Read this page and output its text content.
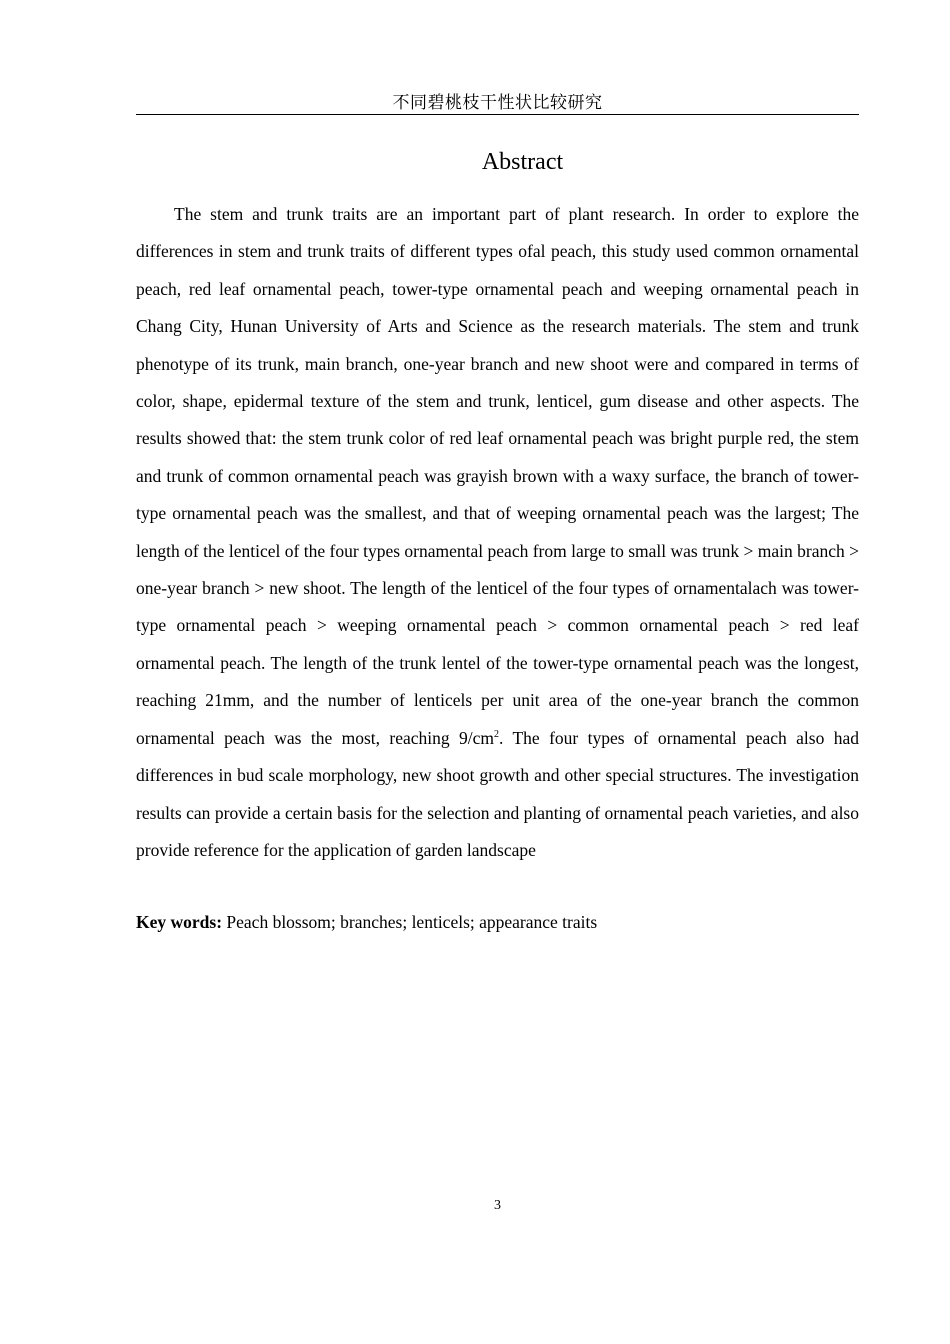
不同碧桃枝干性状比较研究
Abstract

The stem and trunk traits are an important part of plant research. In order to explore the differences in stem and trunk traits of different types ofal peach, this study used common ornamental peach, red leaf ornamental peach, tower-type ornamental peach and weeping ornamental peach in Chang City, Hunan University of Arts and Science as the research materials. The stem and trunk phenotype of its trunk, main branch, one-year branch and new shoot were and compared in terms of color, shape, epidermal texture of the stem and trunk, lenticel, gum disease and other aspects. The results showed that: the stem trunk color of red leaf ornamental peach was bright purple red, the stem and trunk of common ornamental peach was grayish brown with a waxy surface, the branch of tower-type ornamental peach was the smallest, and that of weeping ornamental peach was the largest; The length of the lenticel of the four types ornamental peach from large to small was trunk > main branch > one-year branch > new shoot. The length of the lenticel of the four types of ornamentalach was tower-type ornamental peach > weeping ornamental peach > common ornamental peach > red leaf ornamental peach. The length of the trunk lentel of the tower-type ornamental peach was the longest, reaching 21mm, and the number of lenticels per unit area of the one-year branch the common ornamental peach was the most, reaching $9/cm^2$. The four types of ornamental peach also had differences in bud scale morphology, new shoot growth and other special structures. The investigation results can provide a certain basis for the selection and planting of ornamental peach varieties, and also provide reference for the application of garden landscape

Key words: Peach blossom; branches; lenticels; appearance traits

3
